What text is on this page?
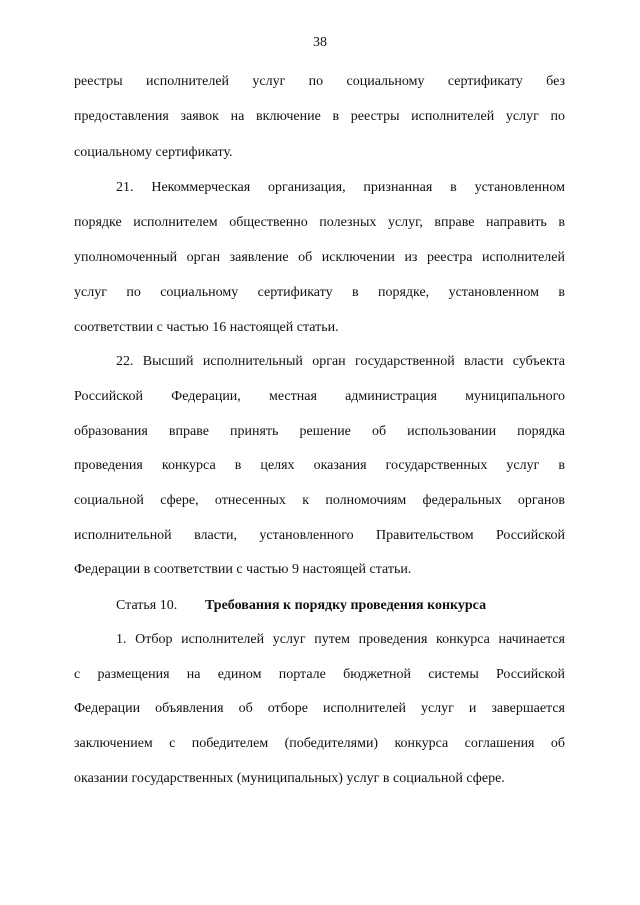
38
реестры исполнителей услуг по социальному сертификату без
предоставления заявок на включение в реестры исполнителей услуг по
социальному сертификату.
21. Некоммерческая организация, признанная в установленном
порядке исполнителем общественно полезных услуг, вправе направить в
уполномоченный орган заявление об исключении из реестра исполнителей
услуг по социальному сертификату в порядке, установленном в
соответствии с частью 16 настоящей статьи.
22. Высший исполнительный орган государственной власти субъекта
Российской Федерации, местная администрация муниципального
образования вправе принять решение об использовании порядка
проведения конкурса в целях оказания государственных услуг в
социальной сфере, отнесенных к полномочиям федеральных органов
исполнительной власти, установленного Правительством Российской
Федерации в соответствии с частью 9 настоящей статьи.
Статья 10. Требования к порядку проведения конкурса
1. Отбор исполнителей услуг путем проведения конкурса начинается
с размещения на едином портале бюджетной системы Российской
Федерации объявления об отборе исполнителей услуг и завершается
заключением с победителем (победителями) конкурса соглашения об
оказании государственных (муниципальных) услуг в социальной сфере.
